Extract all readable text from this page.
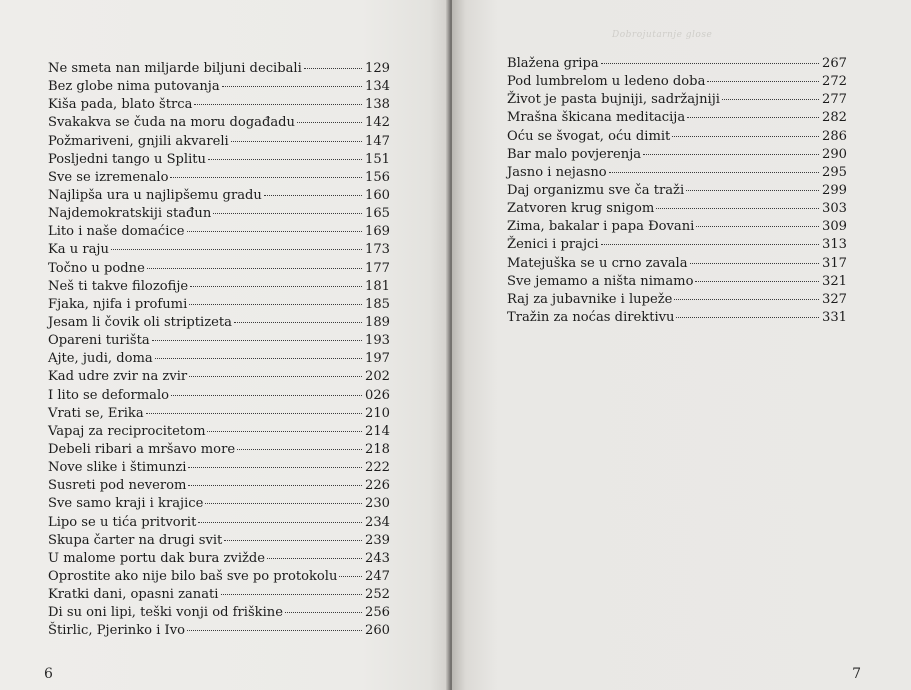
Ne smeta nan miljarde biljuni decibali	129
Bez globe nima putovanja	134
Kiša pada, blato štrca	138
Svakakva se čuda na moru događadu	142
Požmariveni, gnjili akvareli	147
Posljedni tango u Splitu	151
Sve se izremenalo	156
Najlipša ura u najlipšemu gradu	160
Najdemokratskiji stađun	165
Lito i naše domaćice	169
Ka u raju	173
Točno u podne	177
Neš ti takve filozofije	181
Fjaka, njifa i profumi	185
Jesam li čovik oli striptizeta	189
Opareni turišta	193
Ajte, judi, doma	197
Kad udre zvir na zvir	202
I lito se deformalo	026
Vrati se, Erika	210
Vapaj za reciprocitetom	214
Debeli ribari a mršavo more	218
Nove slike i štimunzi	222
Susreti pod neverom	226
Sve samo kraji i krajice	230
Lipo se u tića pritvorit	234
Skupa čarter na drugi svit	239
U malome portu dak bura zviždе	243
Oprostite ako nije bilo baš sve po protokolu 247
Kratki dani, opasni zanati	252
Di su oni lipi, teški vonji od friškine	256
Štirlic, Pjerinko i Ivo	260
6
Dobrojutarnje glosе
Blažena gripa	267
Pod lumbrelom u ledeno doba	272
Život je pasta bujniji, sadržajniji	277
Mrašna škicana meditacija	282
Oću se švogat, oću dimit	286
Bar malo povjerenja	290
Jasno i nejasno	295
Daj organizmu sve ča traži	299
Zatvoren krug snigom	303
Zima, bakalar i papa Đovani	309
Ženici i prajci	313
Matejuška se u crno zavala	317
Sve jemamo a ništa nimamo	321
Raj za jubavnike i lupeže	327
Tražin za noćas direktivu	331
7
